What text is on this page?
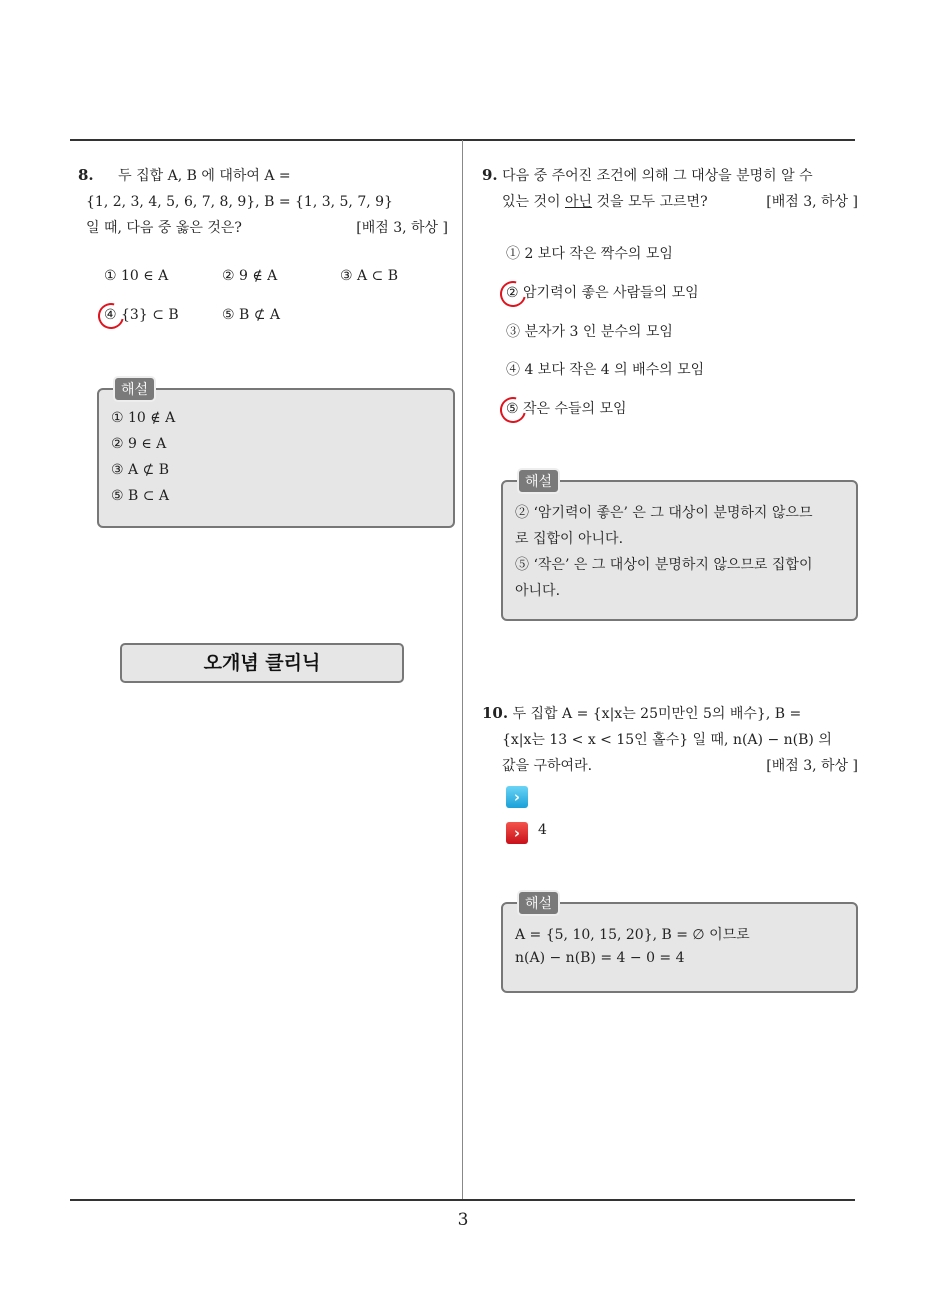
8. 두 집합 A, B 에 대하여 A =
{1, 2, 3, 4, 5, 6, 7, 8, 9}, B = {1, 3, 5, 7, 9}
일 때, 다음 중 옳은 것은?	[배점 3, 하상 ]
① 10 ∈ A	② 9 ∉ A	③ A ⊂ B
④ {3} ⊂ B	⑤ B ⊄ A
해설
① 10 ∉ A
② 9 ∈ A
③ A ⊄ B
⑤ B ⊂ A
오개념 클리닉
9. 다음 중 주어진 조건에 의해 그 대상을 분명히 알 수
있는 것이 아닌 것을 모두 고르면?	[배점 3, 하상 ]
① 2 보다 작은 짝수의 모임
② 암기력이 좋은 사람들의 모임
③ 분자가 3 인 분수의 모임
④ 4 보다 작은 4 의 배수의 모임
⑤ 작은 수들의 모임
해설
② ‘암기력이 좋은’ 은 그 대상이 분명하지 않으므
로 집합이 아니다.
⑤ ‘작은’ 은 그 대상이 분명하지 않으므로 집합이
아니다.
10. 두 집합 A = {x|x는 25미만인 5의 배수}, B =
{x|x는 13 < x < 15인 홀수} 일 때, n(A) − n(B) 의
값을 구하여라.	[배점 3, 하상 ]
›
›	4
해설
A = {5, 10, 15, 20}, B = ∅ 이므로
n(A) − n(B) = 4 − 0 = 4
3
